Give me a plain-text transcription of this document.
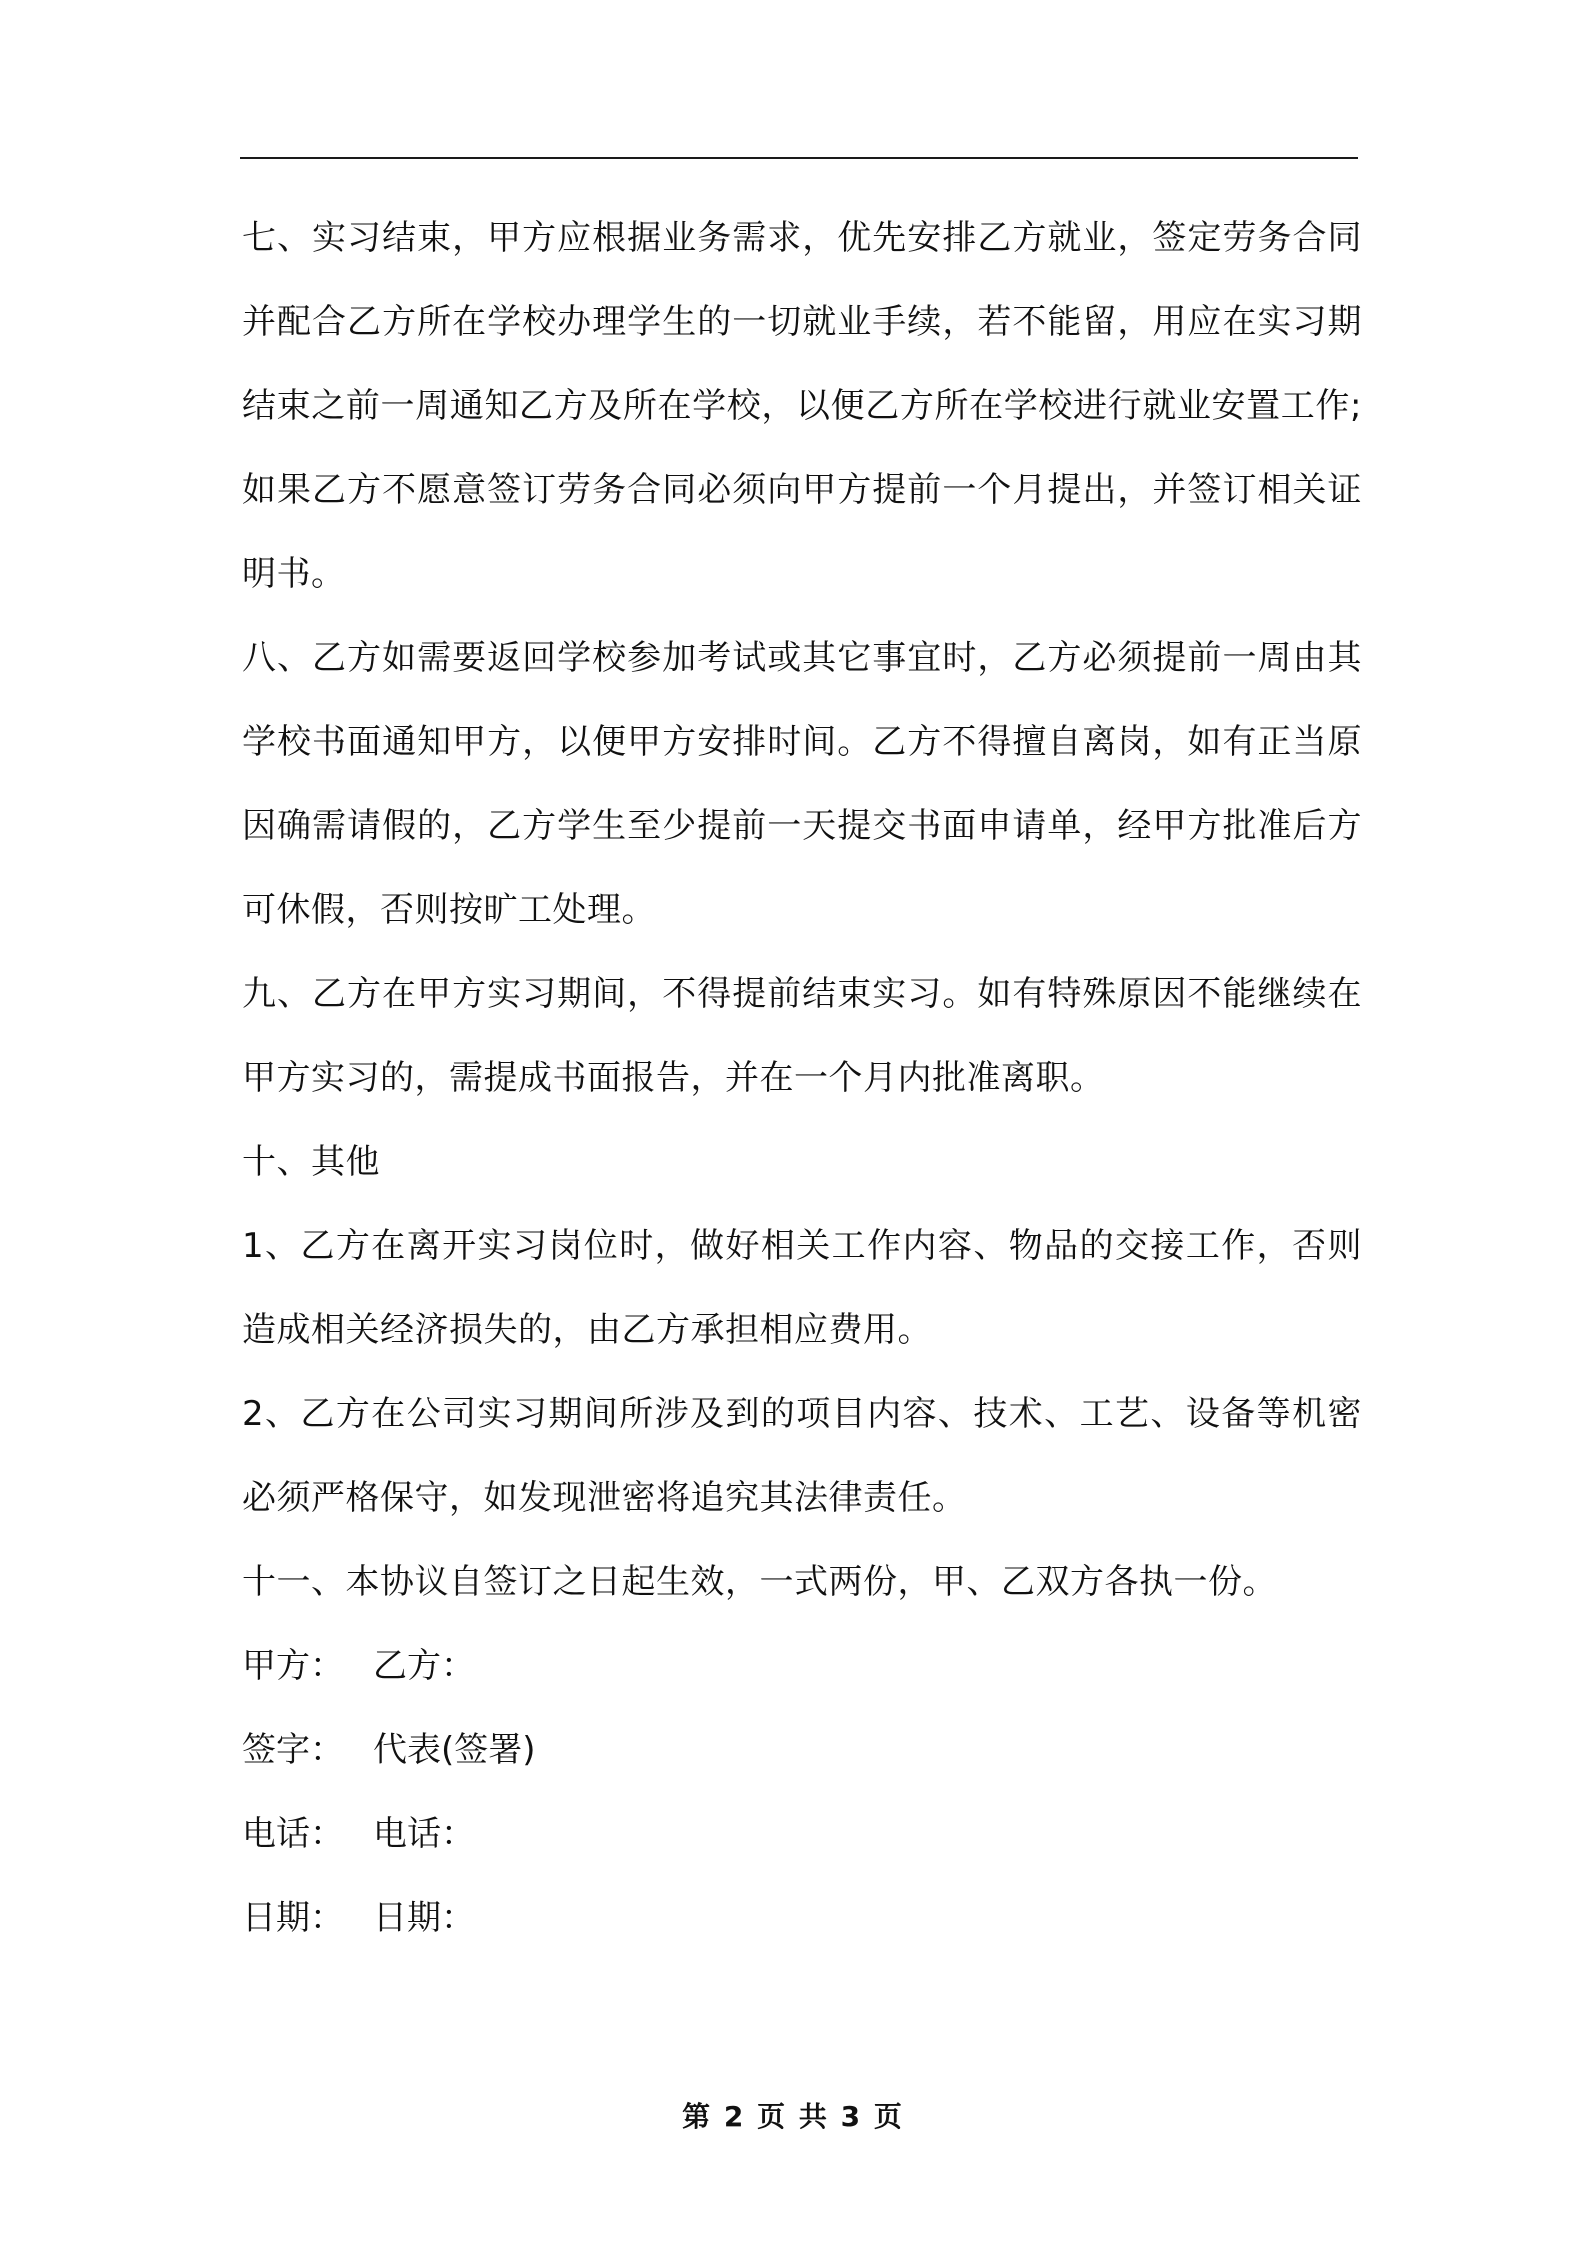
七、实习结束，甲方应根据业务需求，优先安排乙方就业，签定劳务合同并配合乙方所在学校办理学生的一切就业手续，若不能留，用应在实习期结束之前一周通知乙方及所在学校，以便乙方所在学校进行就业安置工作;如果乙方不愿意签订劳务合同必须向甲方提前一个月提出，并签订相关证明书。

八、乙方如需要返回学校参加考试或其它事宜时，乙方必须提前一周由其学校书面通知甲方，以便甲方安排时间。乙方不得擅自离岗，如有正当原因确需请假的，乙方学生至少提前一天提交书面申请单，经甲方批准后方可休假，否则按旷工处理。

九、乙方在甲方实习期间，不得提前结束实习。如有特殊原因不能继续在甲方实习的，需提成书面报告，并在一个月内批准离职。

十、其他

1、乙方在离开实习岗位时，做好相关工作内容、物品的交接工作，否则造成相关经济损失的，由乙方承担相应费用。

2、乙方在公司实习期间所涉及到的项目内容、技术、工艺、设备等机密必须严格保守，如发现泄密将追究其法律责任。

十一、本协议自签订之日起生效，一式两份，甲、乙双方各执一份。

甲方： 乙方：
签字： 代表(签署)
电话： 电话：
日期： 日期：
第 2 页 共 3 页
